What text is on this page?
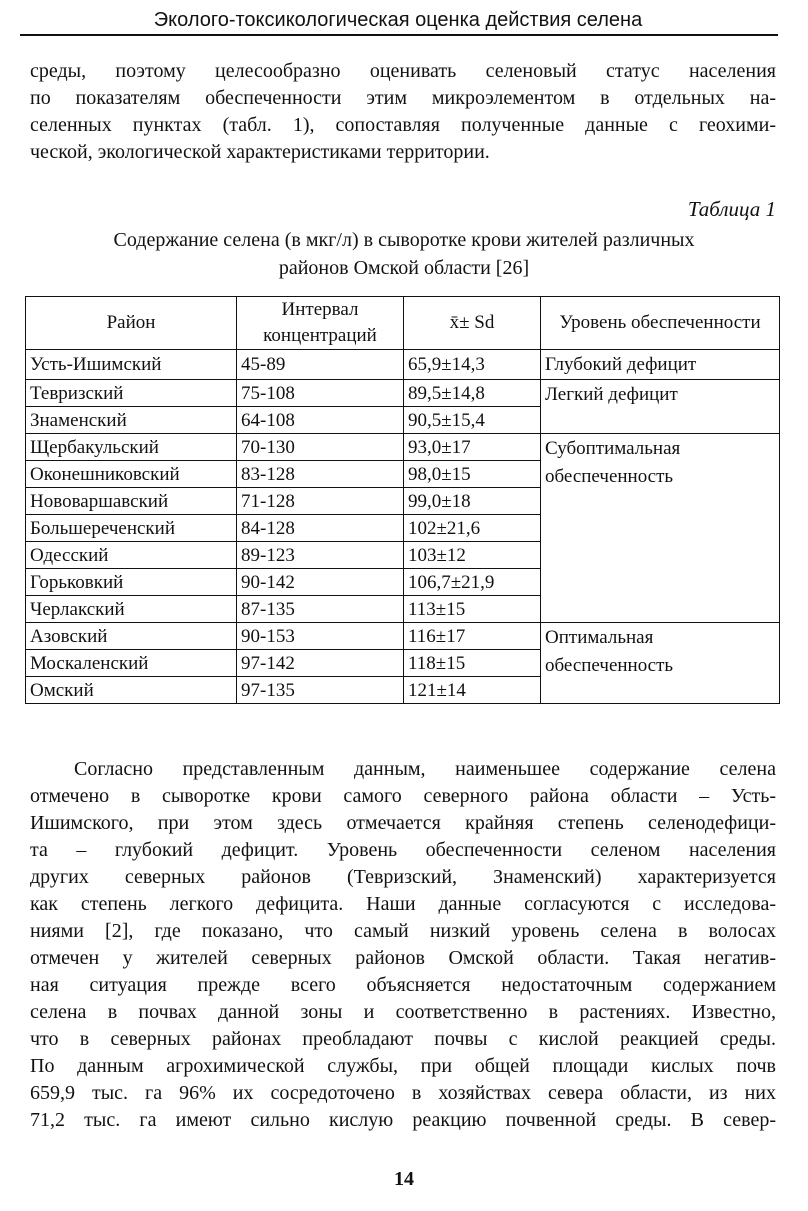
Эколого-токсикологическая оценка действия селена

среды, поэтому целесообразно оценивать селеновый статус населения
по показателям обеспеченности этим микроэлементом в отдельных на-
селенных пунктах (табл. 1), сопоставляя полученные данные с геохими-
ческой, экологической характеристиками территории.

Таблица 1
Содержание селена (в мкг/л) в сыворотке крови жителей различных
районов Омской области [26]
Район	Интервал концентраций	x̄± Sd	Уровень обеспеченности
Усть-Ишимский	45-89	65,9±14,3	Глубокий дефицит
Тевризский	75-108	89,5±14,8	Легкий дефицит
Знаменский	64-108	90,5±15,4	
Щербакульский	70-130	93,0±17	Субоптимальная обеспеченность
Оконешниковский	83-128	98,0±15	
Нововаршавский	71-128	99,0±18	
Большереченский	84-128	102±21,6	
Одесский	89-123	103±12	
Горьковкий	90-142	106,7±21,9	
Черлакский	87-135	113±15	
Азовский	90-153	116±17	Оптимальная обеспеченность
Москаленский	97-142	118±15	
Омский	97-135	121±14	

Согласно представленным данным, наименьшее содержание селена
отмечено в сыворотке крови самого северного района области – Усть-
Ишимского, при этом здесь отмечается крайняя степень селенодефици-
та – глубокий дефицит. Уровень обеспеченности селеном населения
других северных районов (Тевризский, Знаменский) характеризуется
как степень легкого дефицита. Наши данные согласуются с исследова-
ниями [2], где показано, что самый низкий уровень селена в волосах
отмечен у жителей северных районов Омской области. Такая негатив-
ная ситуация прежде всего объясняется недостаточным содержанием
селена в почвах данной зоны и соответственно в растениях. Известно,
что в северных районах преобладают почвы с кислой реакцией среды.
По данным агрохимической службы, при общей площади кислых почв
659,9 тыс. га 96% их сосредоточено в хозяйствах севера области, из них
71,2 тыс. га имеют сильно кислую реакцию почвенной среды. В север-

14
